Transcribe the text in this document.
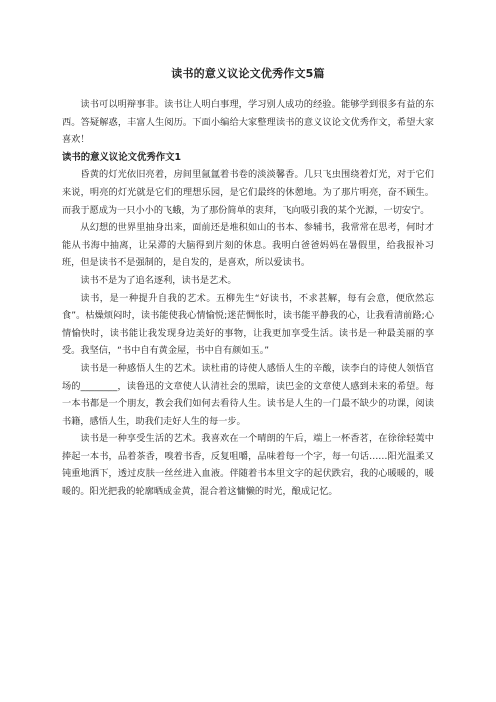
读书的意义议论文优秀作文5篇

读书可以明辩事非。读书让人明白事理，学习别人成功的经验。能够学到很多有益的东西。答疑解惑，丰富人生阅历。下面小编给大家整理读书的意义议论文优秀作文，希望大家喜欢！

读书的意义议论文优秀作文1

昏黄的灯光依旧亮着，房间里氤氲着书卷的淡淡馨香。几只飞虫围绕着灯光，对于它们来说，明亮的灯光就是它们的理想乐园，是它们最终的休憩地。为了那片明亮，奋不顾生。而我于愿成为一只小小的飞蛾，为了那份简单的衷拜，飞向吸引我的某个光源，一切安宁。

从幻想的世界里抽身出来，面前还是堆积如山的书本、参辅书，我常常在思考，何时才能从书海中抽离，让呆滞的大脑得到片刻的休息。我明白爸爸妈妈在暑假里，给我报补习班，但是读书不是强制的，是自发的，是喜欢，所以爱读书。

读书不是为了追名逐利，读书是艺术。

读书，是一种提升自我的艺术。五柳先生“好读书，不求甚解，每有会意，便欣然忘食”。枯燥烦闷时，读书能使我心情愉悦;迷茫惆怅时，读书能平静我的心，让我看清前路;心情愉快时，读书能让我发现身边美好的事物，让我更加享受生活。读书是一种最美丽的享受。我坚信，“书中自有黄金屋，书中自有颜如玉。”

读书是一种感悟人生的艺术。读杜甫的诗使人感悟人生的辛酸，读李白的诗使人领悟官场的________，读鲁迅的文章使人认清社会的黑暗，读巴金的文章使人感到未来的希望。每一本书都是一个朋友，教会我们如何去看待人生。读书是人生的一门最不缺少的功课，阅读书籍，感悟人生，助我们走好人生的每一步。

读书是一种享受生活的艺术。我喜欢在一个晴朗的午后，端上一杯香茗，在徐徐轻荑中捧起一本书，品着茶香，嗅着书香，反复咀嚼，品味着每一个字，每一句话……阳光温柔又钝重地洒下，透过皮肤一丝丝进入血液。伴随着书本里文字的起伏跌宕，我的心暖暖的，暖暖的。阳光把我的轮廓晒成金黄，混合着这慵懒的时光，酿成记忆。
